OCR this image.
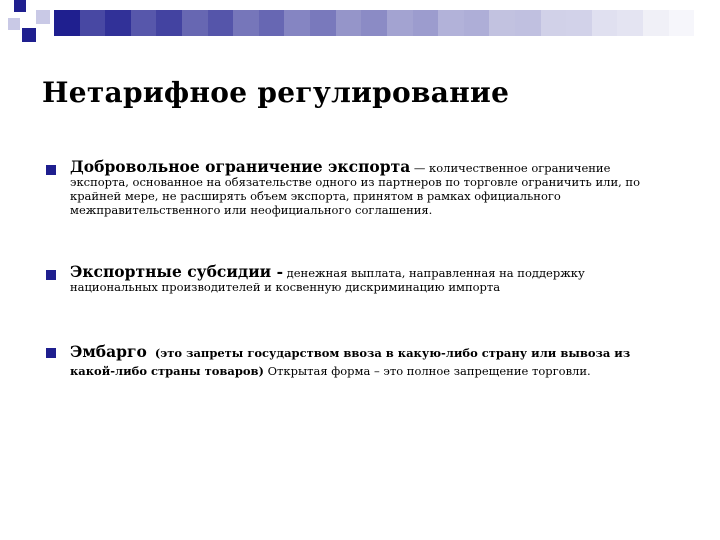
Нетарифное регулирование
Добровольное ограничение экспорта — количественное ограничение экспорта, основанное на обязательстве одного из партнеров по торговле ограничить или, по крайней мере, не расширять объем экспорта, принятом в рамках официального межправительственного или неофициального соглашения.
Экспортные субсидии - денежная выплата, направленная на поддержку национальных производителей и косвенную дискриминацию импорта
Эмбарго  (это запреты государством ввоза в какую-либо страну или вывоза из какой-либо страны товаров) Открытая форма – это полное запрещение торговли.
